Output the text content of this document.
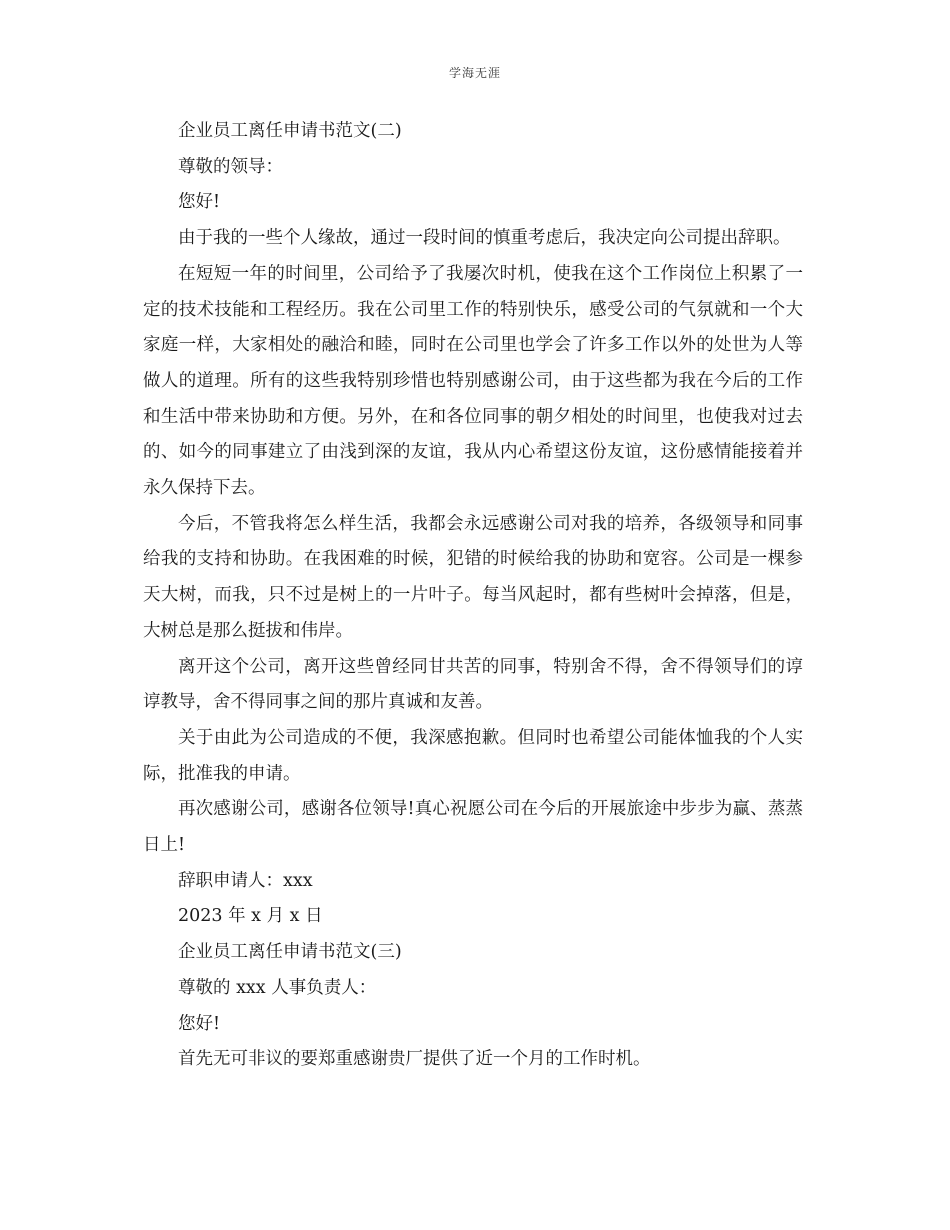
学海无涯

企业员工离任申请书范文(二)

尊敬的领导：

您好!

由于我的一些个人缘故，通过一段时间的慎重考虑后，我决定向公司提出辞职。

在短短一年的时间里，公司给予了我屡次时机，使我在这个工作岗位上积累了一定的技术技能和工程经历。我在公司里工作的特别快乐，感受公司的气氛就和一个大家庭一样，大家相处的融洽和睦，同时在公司里也学会了许多工作以外的处世为人等做人的道理。所有的这些我特别珍惜也特别感谢公司，由于这些都为我在今后的工作和生活中带来协助和方便。另外，在和各位同事的朝夕相处的时间里，也使我对过去的、如今的同事建立了由浅到深的友谊，我从内心希望这份友谊，这份感情能接着并永久保持下去。

今后，不管我将怎么样生活，我都会永远感谢公司对我的培养，各级领导和同事给我的支持和协助。在我困难的时候，犯错的时候给我的协助和宽容。公司是一棵参天大树，而我，只不过是树上的一片叶子。每当风起时，都有些树叶会掉落，但是，大树总是那么挺拔和伟岸。

离开这个公司，离开这些曾经同甘共苦的同事，特别舍不得，舍不得领导们的谆谆教导，舍不得同事之间的那片真诚和友善。

关于由此为公司造成的不便，我深感抱歉。但同时也希望公司能体恤我的个人实际，批准我的申请。

再次感谢公司，感谢各位领导!真心祝愿公司在今后的开展旅途中步步为赢、蒸蒸日上!

辞职申请人：xxx

2023 年 x 月 x 日

企业员工离任申请书范文(三)

尊敬的 xxx 人事负责人：

您好!

首先无可非议的要郑重感谢贵厂提供了近一个月的工作时机。
